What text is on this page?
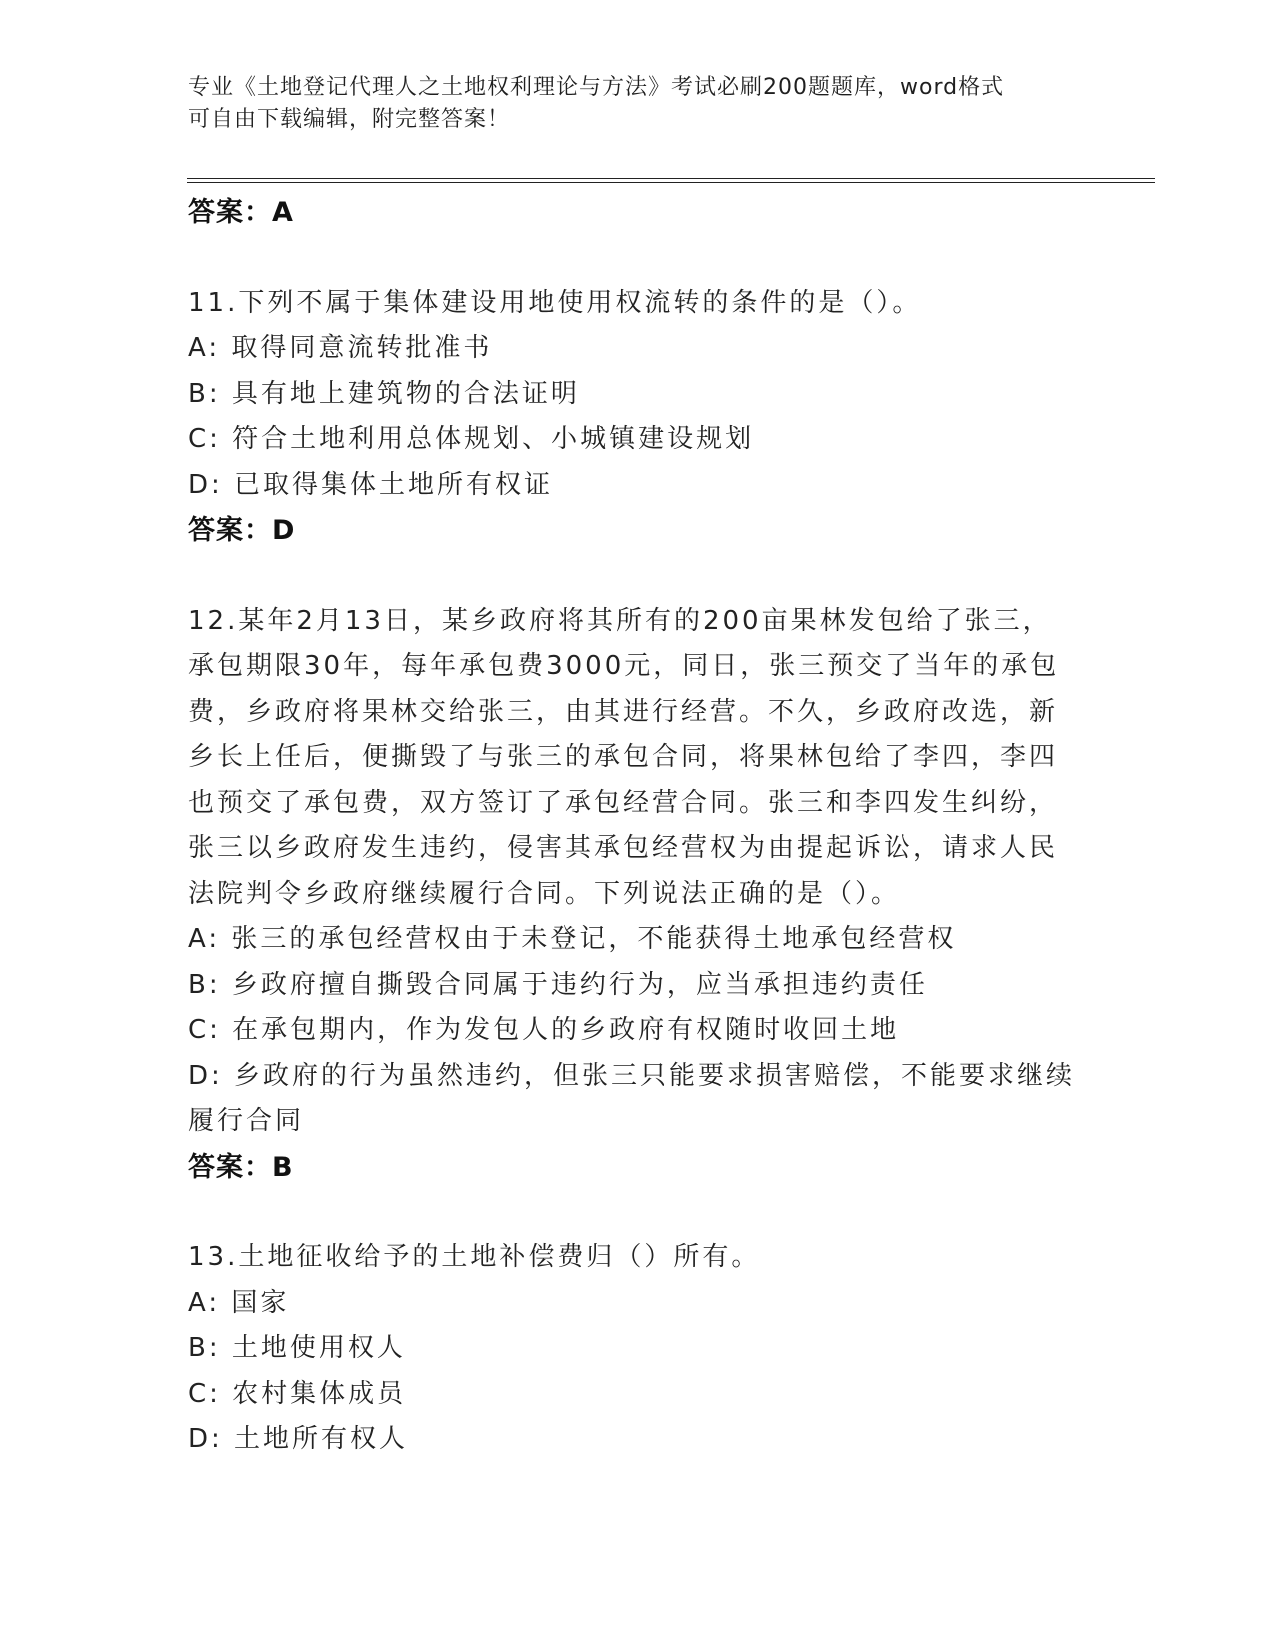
专业《土地登记代理人之土地权利理论与方法》考试必刷200题题库，word格式
可自由下载编辑，附完整答案！
答案：A
11.下列不属于集体建设用地使用权流转的条件的是（）。
A: 取得同意流转批准书
B: 具有地上建筑物的合法证明
C: 符合土地利用总体规划、小城镇建设规划
D: 已取得集体土地所有权证
答案：D
12.某年2月13日，某乡政府将其所有的200亩果林发包给了张三，
承包期限30年，每年承包费3000元，同日，张三预交了当年的承包
费，乡政府将果林交给张三，由其进行经营。不久，乡政府改选，新
乡长上任后，便撕毁了与张三的承包合同，将果林包给了李四，李四
也预交了承包费，双方签订了承包经营合同。张三和李四发生纠纷，
张三以乡政府发生违约，侵害其承包经营权为由提起诉讼，请求人民
法院判令乡政府继续履行合同。下列说法正确的是（）。
A: 张三的承包经营权由于未登记，不能获得土地承包经营权
B: 乡政府擅自撕毁合同属于违约行为，应当承担违约责任
C: 在承包期内，作为发包人的乡政府有权随时收回土地
D: 乡政府的行为虽然违约，但张三只能要求损害赔偿，不能要求继续
履行合同
答案：B
13.土地征收给予的土地补偿费归（）所有。
A: 国家
B: 土地使用权人
C: 农村集体成员
D: 土地所有权人
